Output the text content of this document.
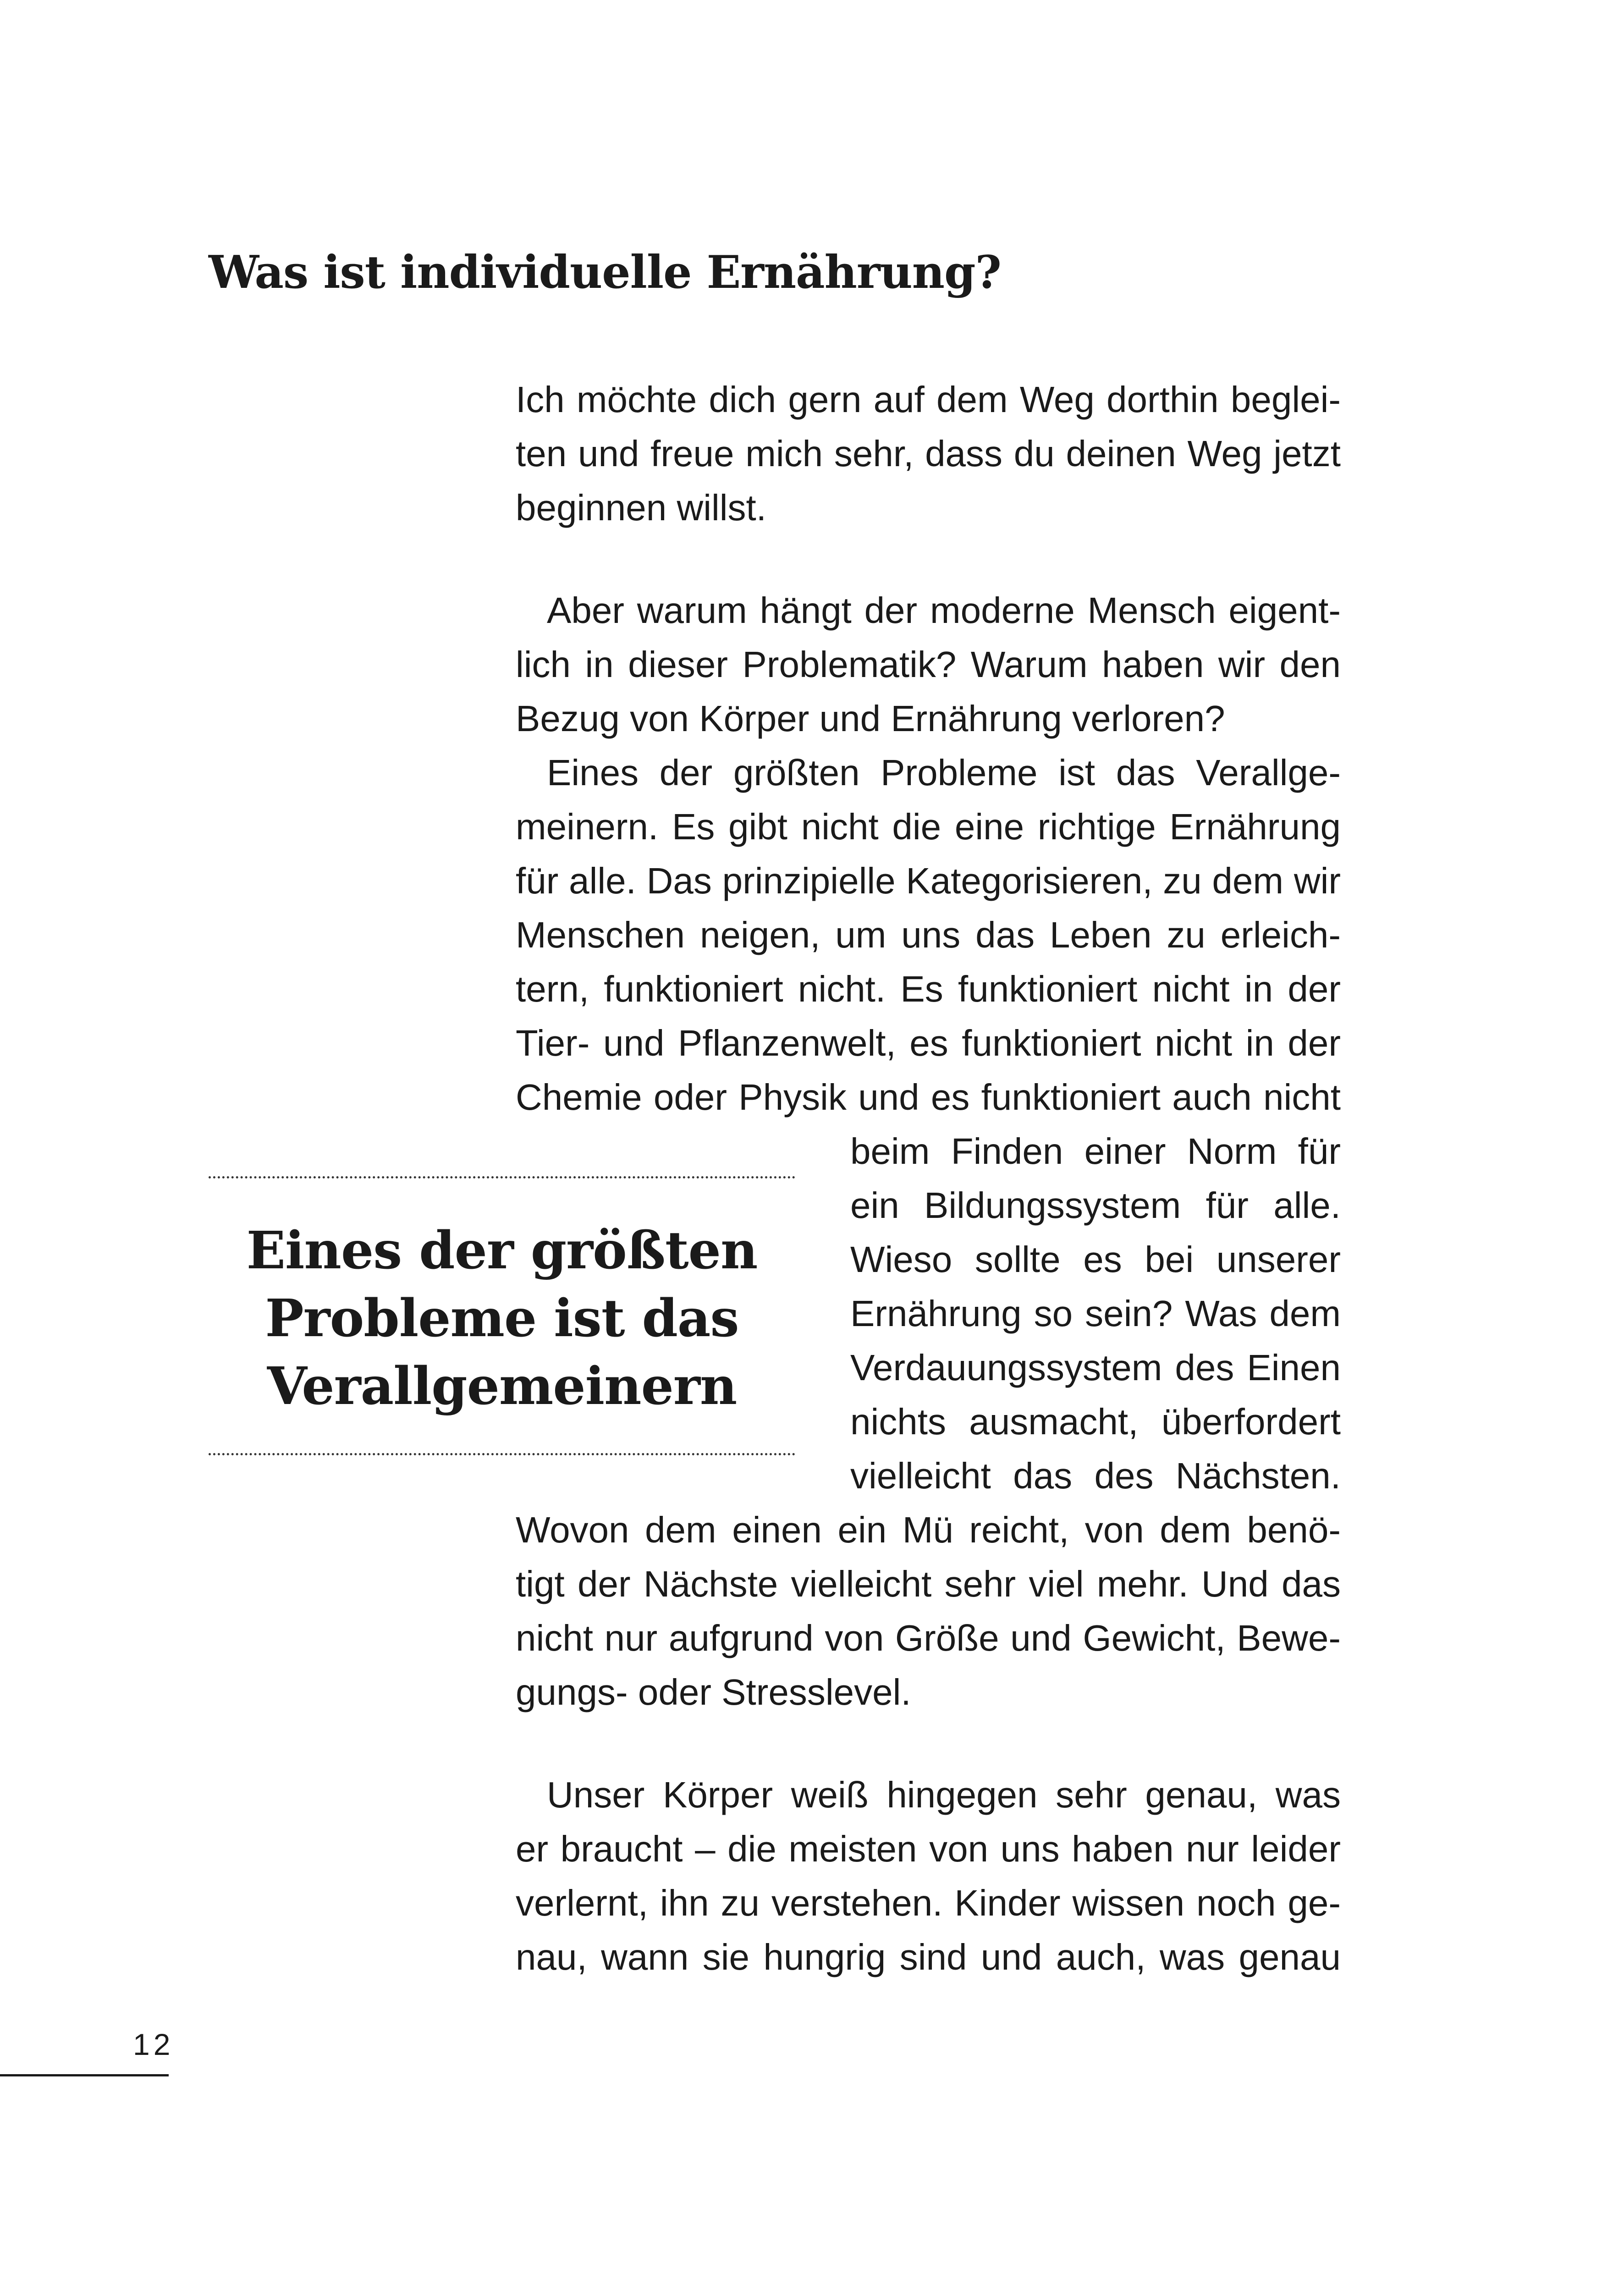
Was ist individuelle Ernährung?

Ich möchte dich gern auf dem Weg dorthin beglei-

ten und freue mich sehr, dass du deinen Weg jetzt

beginnen willst.

Aber warum hängt der moderne Mensch eigent-

lich in dieser Problematik? Warum haben wir den

Bezug von Körper und Ernährung verloren?

Eines der größten Probleme ist das Verallge-

meinern. Es gibt nicht die eine richtige Ernährung

für alle. Das prinzipielle Kategorisieren, zu dem wir

Menschen neigen, um uns das Leben zu erleich-

tern, funktioniert nicht. Es funktioniert nicht in der

Tier- und Pflanzenwelt, es funktioniert nicht in der

Chemie oder Physik und es funktioniert auch nicht

beim Finden einer Norm für

ein Bildungssystem für alle.

Wieso sollte es bei unserer

Ernährung so sein? Was dem

Verdauungssystem des Einen

nichts ausmacht, überfordert

vielleicht das des Nächsten.

Wovon dem einen ein Mü reicht, von dem benö-

tigt der Nächste vielleicht sehr viel mehr. Und das

nicht nur aufgrund von Größe und Gewicht, Bewe-

gungs- oder Stresslevel.

Unser Körper weiß hingegen sehr genau, was

er braucht – die meisten von uns haben nur leider

verlernt, ihn zu verstehen. Kinder wissen noch ge-

nau, wann sie hungrig sind und auch, was genau

Eines der größten
Probleme ist das
Verallgemeinern
12
